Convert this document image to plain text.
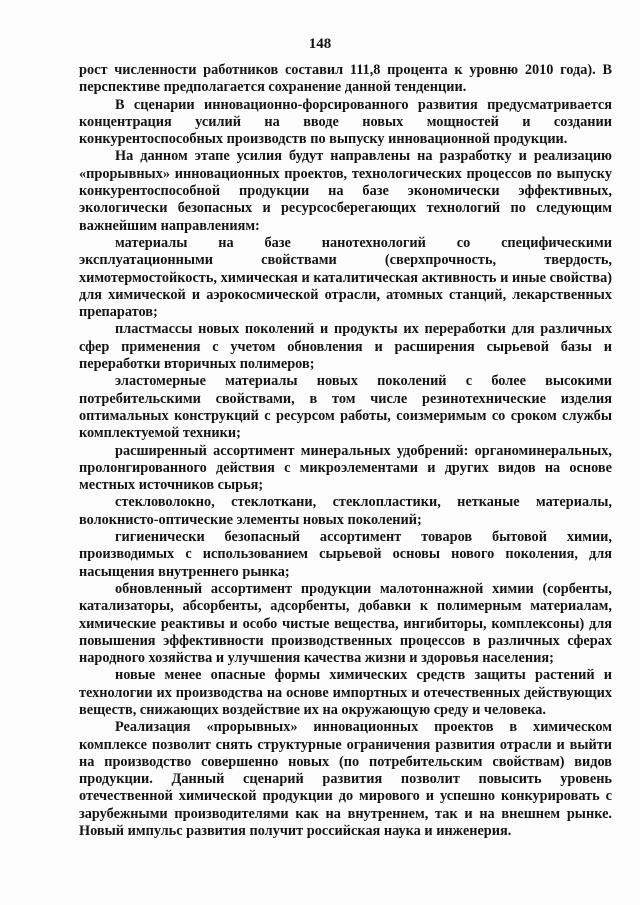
148

рост численности работников составил 111,8 процента к уровню 2010 года). В перспективе предполагается сохранение данной тенденции.

В сценарии инновационно-форсированного развития предусматривается концентрация усилий на вводе новых мощностей и создании конкурентоспособных производств по выпуску инновационной продукции.

На данном этапе усилия будут направлены на разработку и реализацию «прорывных» инновационных проектов, технологических процессов по выпуску конкурентоспособной продукции на базе экономически эффективных, экологически безопасных и ресурсосберегающих технологий по следующим важнейшим направлениям:

материалы на базе нанотехнологий со специфическими эксплуатационными свойствами (сверхпрочность, твердость, химотермостойкость, химическая и каталитическая активность и иные свойства) для химической и аэрокосмической отрасли, атомных станций, лекарственных препаратов;

пластмассы новых поколений и продукты их переработки для различных сфер применения с учетом обновления и расширения сырьевой базы и переработки вторичных полимеров;

эластомерные материалы новых поколений с более высокими потребительскими свойствами, в том числе резинотехнические изделия оптимальных конструкций с ресурсом работы, соизмеримым со сроком службы комплектуемой техники;

расширенный ассортимент минеральных удобрений: органоминеральных, пролонгированного действия с микроэлементами и других видов на основе местных источников сырья;

стекловолокно, стеклоткани, стеклопластики, нетканые материалы, волокнисто-оптические элементы новых поколений;

гигиенически безопасный ассортимент товаров бытовой химии, производимых с использованием сырьевой основы нового поколения, для насыщения внутреннего рынка;

обновленный ассортимент продукции малотоннажной химии (сорбенты, катализаторы, абсорбенты, адсорбенты, добавки к полимерным материалам, химические реактивы и особо чистые вещества, ингибиторы, комплексоны) для повышения эффективности производственных процессов в различных сферах народного хозяйства и улучшения качества жизни и здоровья населения;

новые менее опасные формы химических средств защиты растений и технологии их производства на основе импортных и отечественных действующих веществ, снижающих воздействие их на окружающую среду и человека.

Реализация «прорывных» инновационных проектов в химическом комплексе позволит снять структурные ограничения развития отрасли и выйти на производство совершенно новых (по потребительским свойствам) видов продукции. Данный сценарий развития позволит повысить уровень отечественной химической продукции до мирового и успешно конкурировать с зарубежными производителями как на внутреннем, так и на внешнем рынке. Новый импульс развития получит российская наука и инженерия.
